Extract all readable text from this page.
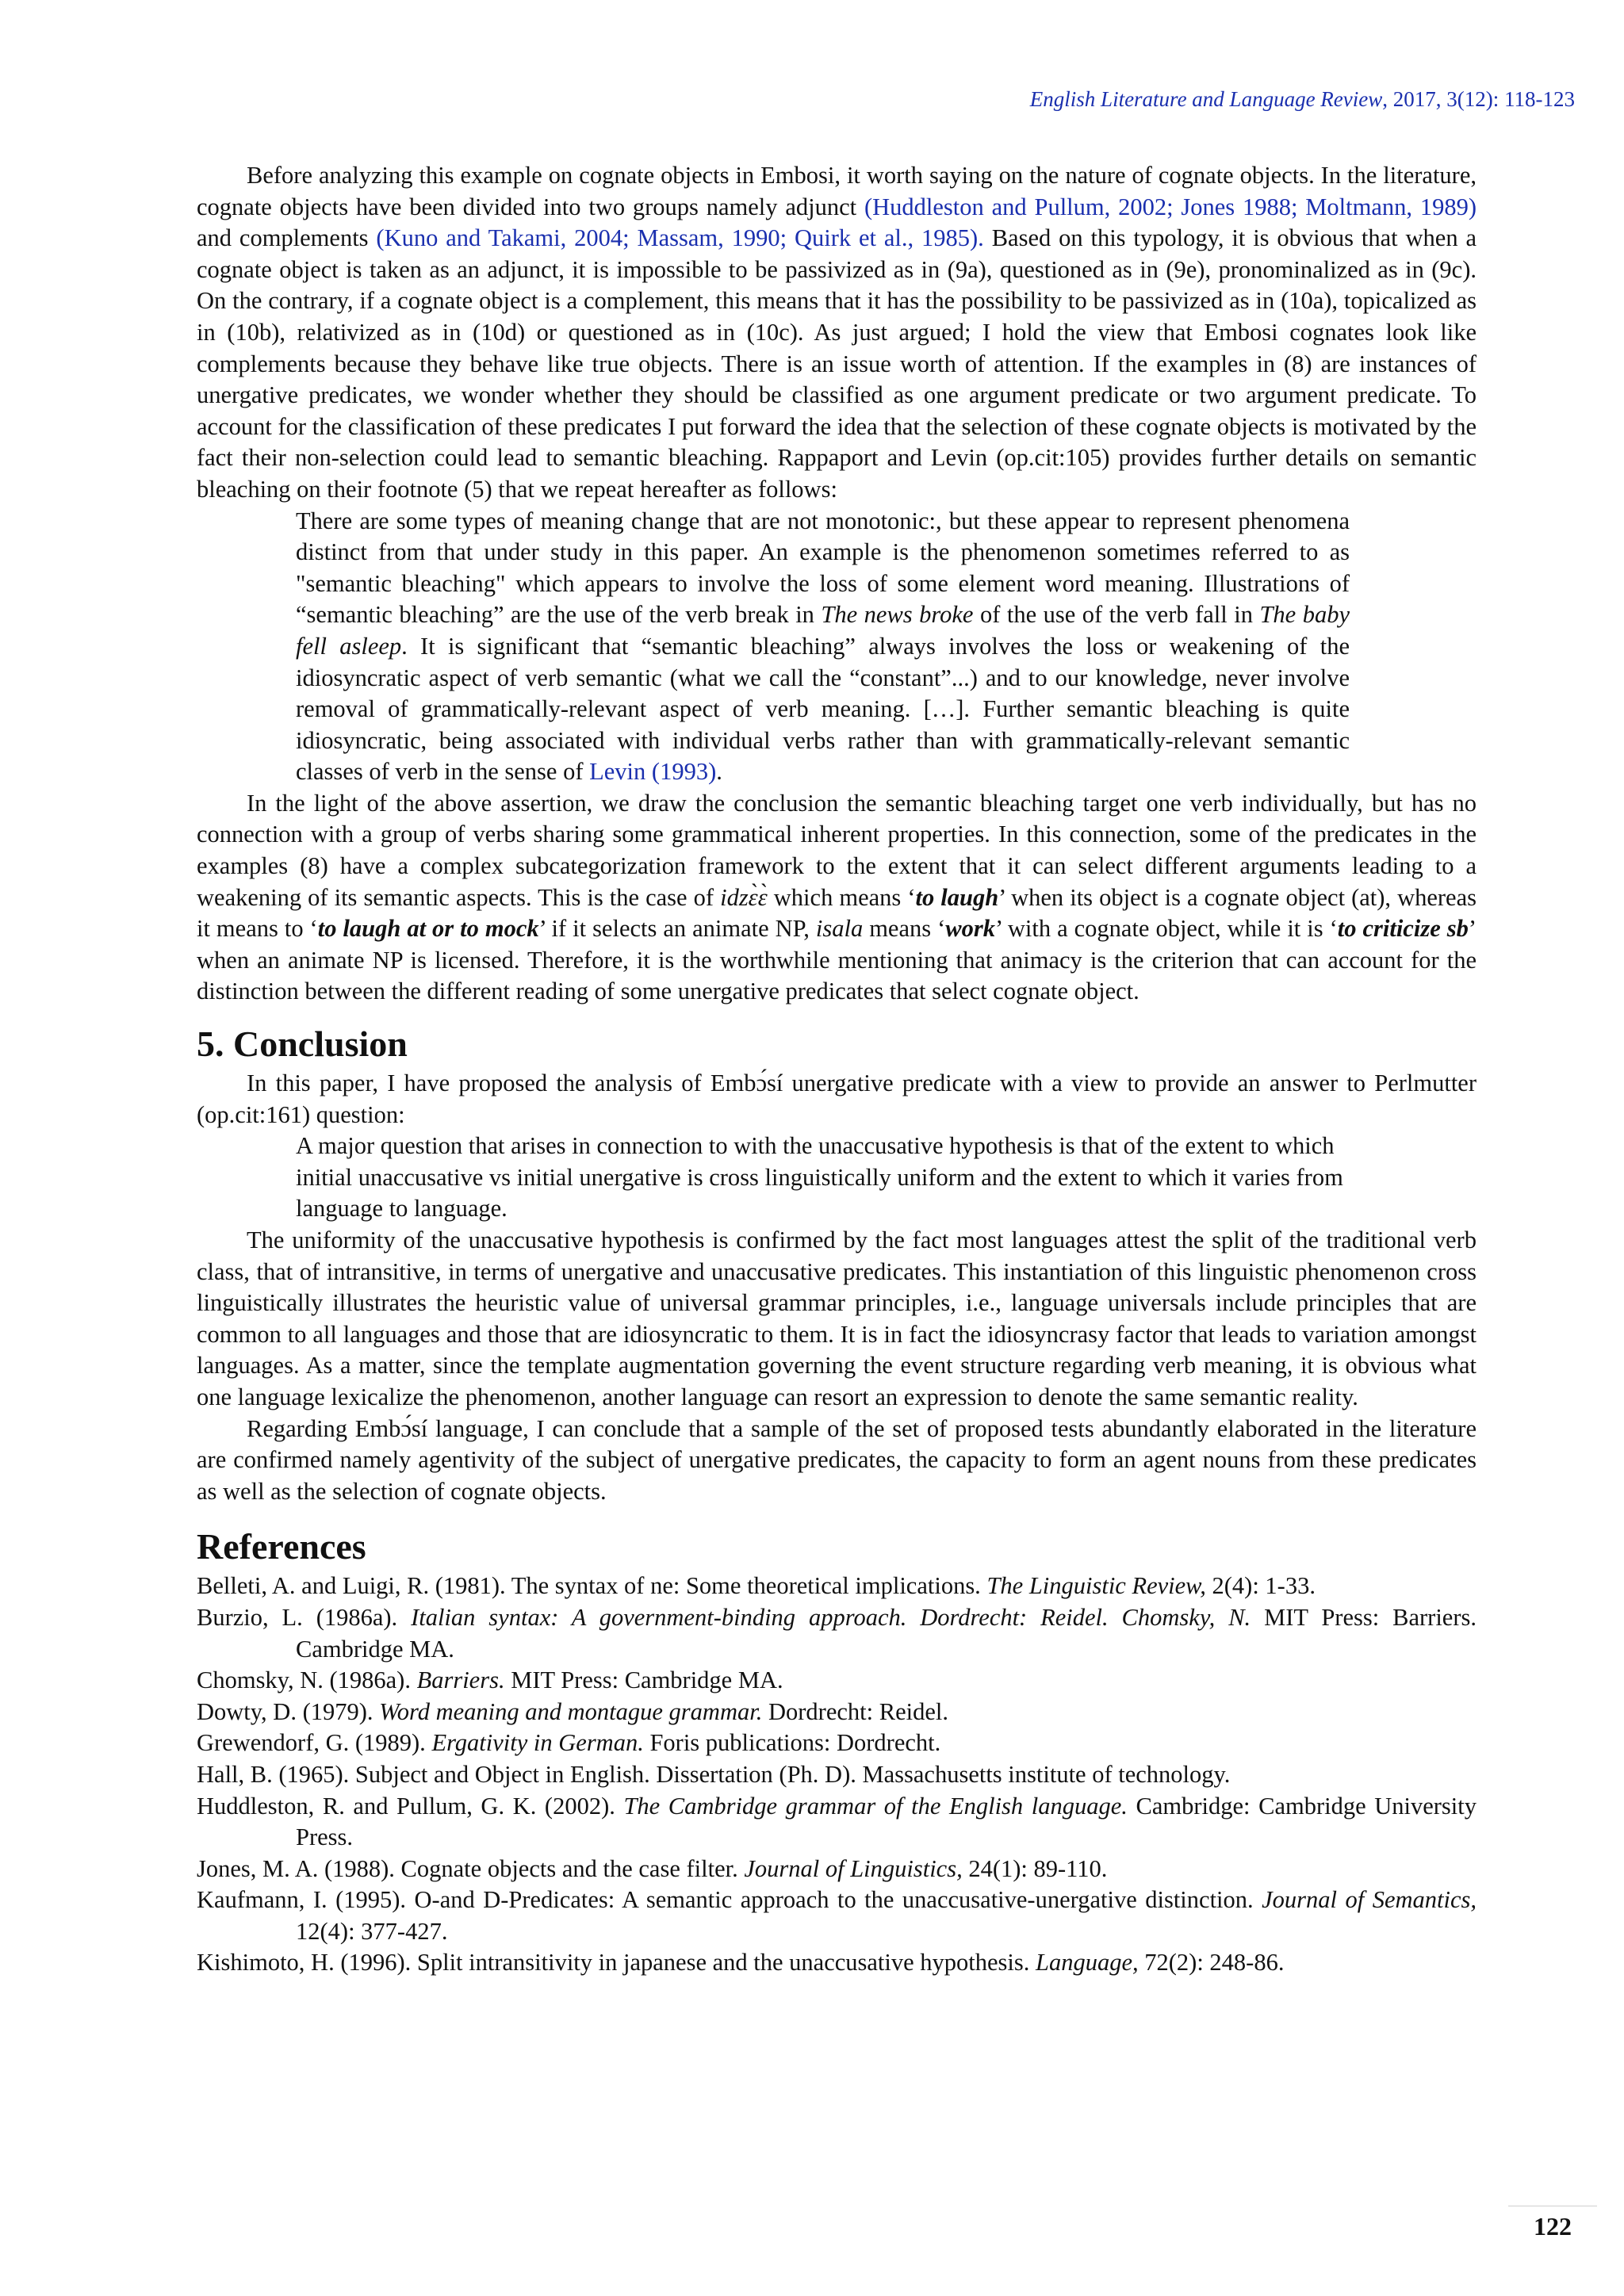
English Literature and Language Review, 2017, 3(12): 118-123

Before analyzing this example on cognate objects in Embosi, it worth saying on the nature of cognate objects. In the literature, cognate objects have been divided into two groups namely adjunct (Huddleston and Pullum, 2002; Jones 1988; Moltmann, 1989) and complements (Kuno and Takami, 2004; Massam, 1990; Quirk et al., 1985). Based on this typology, it is obvious that when a cognate object is taken as an adjunct, it is impossible to be passivized as in (9a), questioned as in (9e), pronominalized as in (9c). On the contrary, if a cognate object is a complement, this means that it has the possibility to be passivized as in (10a), topicalized as in (10b), relativized as in (10d) or questioned as in (10c). As just argued; I hold the view that Embosi cognates look like complements because they behave like true objects. There is an issue worth of attention. If the examples in (8) are instances of unergative predicates, we wonder whether they should be classified as one argument predicate or two argument predicate. To account for the classification of these predicates I put forward the idea that the selection of these cognate objects is motivated by the fact their non-selection could lead to semantic bleaching. Rappaport and Levin (op.cit:105) provides further details on semantic bleaching on their footnote (5) that we repeat hereafter as follows:

There are some types of meaning change that are not monotonic:, but these appear to represent phenomena distinct from that under study in this paper. An example is the phenomenon sometimes referred to as "semantic bleaching" which appears to involve the loss of some element word meaning. Illustrations of “semantic bleaching” are the use of the verb break in The news broke of the use of the verb fall in The baby fell asleep. It is significant that “semantic bleaching” always involves the loss or weakening of the idiosyncratic aspect of verb semantic (what we call the “constant”...) and to our knowledge, never involve removal of grammatically-relevant aspect of verb meaning. […]. Further semantic bleaching is quite idiosyncratic, being associated with individual verbs rather than with grammatically-relevant semantic classes of verb in the sense of Levin (1993).

In the light of the above assertion, we draw the conclusion the semantic bleaching target one verb individually, but has no connection with a group of verbs sharing some grammatical inherent properties. In this connection, some of the predicates in the examples (8) have a complex subcategorization framework to the extent that it can select different arguments leading to a weakening of its semantic aspects. This is the case of idzɛ̀ɛ̀ which means ‘to laugh’ when its object is a cognate object (at), whereas it means to ‘to laugh at or to mock’ if it selects an animate NP, isala means ‘work’ with a cognate object, while it is ‘to criticize sb’ when an animate NP is licensed. Therefore, it is the worthwhile mentioning that animacy is the criterion that can account for the distinction between the different reading of some unergative predicates that select cognate object.

5. Conclusion

In this paper, I have proposed the analysis of Embɔ́sí unergative predicate with a view to provide an answer to Perlmutter (op.cit:161) question:

A major question that arises in connection to with the unaccusative hypothesis is that of the extent to which initial unaccusative vs initial unergative is cross linguistically uniform and the extent to which it varies from language to language.

The uniformity of the unaccusative hypothesis is confirmed by the fact most languages attest the split of the traditional verb class, that of intransitive, in terms of unergative and unaccusative predicates. This instantiation of this linguistic phenomenon cross linguistically illustrates the heuristic value of universal grammar principles, i.e., language universals include principles that are common to all languages and those that are idiosyncratic to them. It is in fact the idiosyncrasy factor that leads to variation amongst languages. As a matter, since the template augmentation governing the event structure regarding verb meaning, it is obvious what one language lexicalize the phenomenon, another language can resort an expression to denote the same semantic reality.

Regarding Embɔ́sí language, I can conclude that a sample of the set of proposed tests abundantly elaborated in the literature are confirmed namely agentivity of the subject of unergative predicates, the capacity to form an agent nouns from these predicates as well as the selection of cognate objects.

References

Belleti, A. and Luigi, R. (1981). The syntax of ne: Some theoretical implications. The Linguistic Review, 2(4): 1-33.

Burzio, L. (1986a). Italian syntax: A government-binding approach. Dordrecht: Reidel. Chomsky, N. MIT Press: Barriers. Cambridge MA.

Chomsky, N. (1986a). Barriers. MIT Press: Cambridge MA.

Dowty, D. (1979). Word meaning and montague grammar. Dordrecht: Reidel.

Grewendorf, G. (1989). Ergativity in German. Foris publications: Dordrecht.

Hall, B. (1965). Subject and Object in English. Dissertation (Ph. D). Massachusetts institute of technology.

Huddleston, R. and Pullum, G. K. (2002). The Cambridge grammar of the English language. Cambridge: Cambridge University Press.

Jones, M. A. (1988). Cognate objects and the case filter. Journal of Linguistics, 24(1): 89-110.

Kaufmann, I. (1995). O-and D-Predicates: A semantic approach to the unaccusative-unergative distinction. Journal of Semantics, 12(4): 377-427.

Kishimoto, H. (1996). Split intransitivity in japanese and the unaccusative hypothesis. Language, 72(2): 248-86.

122
